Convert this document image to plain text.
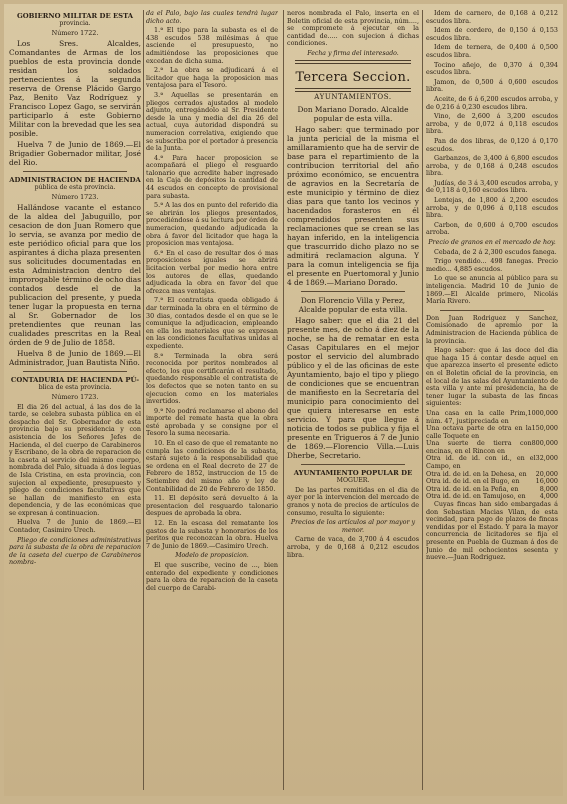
GOBIERNO MILITAR DE ESTA
provincia.
Número 1722.

Los Sres. Alcaldes, Comandantes de Armas de los pueblos de esta provincia donde residan los soldados pertenecientes á la segunda reserva de Orense Plácido Gargo Paz, Benito Vaz Rodríguez y Francisco Lopez Gago, se servirán participarlo á este Gobierno Militar con la brevedad que les sea posible.

Huelva 7 de Junio de 1869.—El Brigadier Gobernador militar, José del Rio.

ADMINISTRACION DE HACIENDA
pública de esta provincia.
Número 1723.

Hallándose vacante el estanco de la aldea del Jabuguillo, por cesacion de don Juan Romero que lo servia, se avanza por medio de este periódico oficial para que los aspirantes á dicha plaza presenten sus solicitudes documentadas en esta Administracion dentro del improrogable término de ocho dias contados desde el de la publicacion del presente, y pueda tener lugar la propuesta en terna al Sr. Gobernador de los pretendientes que reunan las cualidades prescritas en la Real órden de 9 de Julio de 1858.

Huelva 8 de Junio de 1869.—El Administrador, Juan Bautista Niño.

CONTADURIA DE HACIENDA PÚ-
blica de esta provincia.
Número 1723.

El dia 26 del actual, á las dos de la tarde, se celebra subasta pública en el despacho del Sr. Gobernador de esta provincia bajo su presidencia y con asistencia de los Señores Jefes de Hacienda, el del cuerpo de Carabineros y Escribano, de la obra de reparacion de la caseta al servicio del mismo cuerpo, nombrada del Palo, situada á dos leguas de Isla Cristina, en esta provincia, con sujecion al expediente, presupuesto y pliego de condiciones facultativas que se hallan de manifiesto en esta dependencia, y de las económicas que se expresan á continuacion.

Huelva 7 de Junio de 1869.—El Contador, Casimiro Urech.

Pliego de condiciones administrativas para la subasta de la obra de reparacion de la caseta del cuerpo de Carabineros nombra-

da el Palo, bajo las cuales tendrá lugar dicho acto.

1.ª El tipo para la subasta es el de 438 escudos 538 milésimas á que asciende el presupuesto, no admitiéndose las proposiciones que excedan de dicha suma.

2.ª La obra se adjudicará á el licitador que haga la proposicion mas ventajosa para el Tesoro.

3.ª Aquellas se presentarán en pliegos cerrados ajustados al modelo adjunto, entregándolo al Sr. Presidente desde la una y media del dia 26 del actual, cuya autoridad dispondrá su numeracion correlativa, exigiendo que se subscriba por el portador á presencia de la Junta.

4.ª Para hacer proposicion se acompañará el pliego el resguardo talonario que acredite haber ingresado en la Caja de depósitos la cantidad de 44 escudos en concepto de provisional para subasta.

5.ª A las dos en punto del referido dia se abrirán los pliegos presentados, procediéndose á su lectura por órden de numeracion, quedando adjudicada la obra á favor del licitador que haga la proposicion mas ventajosa.

6.ª En el caso de resultar dos ó mas proposiciones iguales se abrirá licitacion verbal por medio hora entre los autores de ellas, quedando adjudicada la obra en favor del que ofrezca mas ventajas.

7.ª El contratista queda obligado á dar terminada la obra en el término de 30 dias, contados desde el en que se le comunique la adjudicacion, empleando en ella los materiales que se expresan en las condiciones facultativas unidas al expediente.

8.ª Terminada la obra será reconocida por peritos nombrados al efecto, los que certificarán el resultado, quedando responsable el contratista de los defectos que se noten tanto en su ejecucion como en los materiales invertidos.

9.ª No podrá reclamarse el abono del importe del remate hasta que la obra esté aprobada y se consigne por el Tesoro la suma necesaria.

10. En el caso de que el rematante no cumpla las condiciones de la subasta, estará sujeto á la responsabilidad que se ordena en el Real decreto de 27 de Febrero de 1852, instruccion de 15 de Setiembre del mismo año y ley de Contabilidad de 20 de Febrero de 1850.

11. El depósito será devuelto á la presentacion del resguardo talonario despues de aprobada la obra.

12. En la escasa del rematante los gastos de la subasta y honorarios de los peritos que reconozcan la obra. Huelva 7 de Junio de 1869.—Casimiro Urech.

Modelo de proposicion.

El que suscribe, vecino de ..., bien enterado del expediente y condiciones para la obra de reparacion de la caseta del cuerpo de Carabi-

neros nombrada el Palo, inserta en el Boletin oficial de esta provincia, núm...., se compromete á ejecutar en la cantidad de..... con sujecion á dichas condiciones.

Fecha y firma del interesado.
Tercera Seccion.
AYUNTAMIENTOS.

Don Mariano Dorado. Alcalde popular de esta villa.

Hago saber: que terminado por la junta pericial de la misma el amillaramiento que ha de servir de base para el repartimiento de la contribucion territorial del año próximo económico, se encuentra de agravios en la Secretaría de este municipio y término de diez dias para que tanto los vecinos y hacendados forasteros en él comprendidos presenten sus reclamaciones que se crean se las hayan inferido, en la inteligencia que trascurrido dicho plazo no se admitirá reclamacion alguna. Y para la comun inteligencia se fija el presente en Puertomoral y Junio 4 de 1869.—Mariano Dorado.

Don Florencio Villa y Perez, Alcalde popular de esta villa.

Hago saber: que el dia 21 del presente mes, de ocho á diez de la noche, se ha de rematar en esta Casas Capitulares en el mejor postor el servicio del alumbrado público y el de las oficinas de este Ayuntamiento, bajo el tipo y pliego de condiciones que se encuentran de manifiesto en la Secretaría del municipio para conocimiento del que quiera interesarse en este servicio. Y para que llegue á noticia de todos se publica y fija el presente en Trigueros á 7 de Junio de 1869.—Florencio Villa.—Luis Dherbe, Secretario.

AYUNTAMIENTO POPULAR DE
MOGUER.

De las partes remitidas en el dia de ayer por la intervencion del mercado de granos y nota de precios de artículos de consumo, resulta lo siguiente:

Precios de los artículos al por mayor y menor.

Carne de vaca, de 3,700 á 4 escudos arroba, y de 0,168 á 0,212 escudos libra.

Idem de carnero, de 0,168 á 0,212 escudos libra.

Idem de cordero, de 0,150 á 0,153 escudos libra.

Idem de ternera, de 0,400 á 0,500 escudos libra.

Tocino añejo, de 0,370 á 0,394 escudos libra.

Jamon, de 0,500 á 0,600 escudos libra.

Aceite, de 6 á 6,200 escudos arroba, y de 0,216 á 0,230 escudos libra.

Vino, de 2,600 á 3,200 escudos arroba, y de 0,072 á 0,118 escudos libra.

Pan de dos libras, de 0,120 á 0,170 escudos.

Garbanzos, de 3,400 á 6,800 escudos arroba, y de 0,168 á 0,248 escudos libra.

Judías, de 3 á 3,400 escudos arroba, y de 0,118 á 0,160 escudos libra.

Lentejas, de 1,800 á 2,200 escudos arroba, y de 0,096 á 0,118 escudos libra.

Carbon, de 0,600 á 0,700 escudos arroba.

Precio de granos en el mercado de hoy.

Cebada, de 2 á 2,300 escudos fanega.

Trigo vendido... 498 fanegas. Precio medio... 4,885 escudos.

Lo que se anuncia al público para su inteligencia. Madrid 10 de Junio de 1869.—El Alcalde primero, Nicolás María Rivero.

Don Juan Rodriguez y Sanchez, Comisionado de apremio por la Administracion de Hacienda pública de la provincia.

Hago saber: que á las doce del dia que haga 15 á contar desde aquel en que aparezca inserto el presente edicto en el Boletin oficial de la provincia, en el local de las salas del Ayuntamiento de esta villa y ante mí presidencia, ha de tener lugar la subasta de las fincas siguientes:

Una casa en la calle Prim, núm. 47, justipreciada en
1000,000
Una octava parte de otra en la calle Toquete en
150,000
Una suerte de tierra con encinas, en el Rincon en
800,000
Otra id. de id. con id., en el Campo, en
32,000
Otra id. de id. en la Dehesa, en 20,000
Otra id. de id. en el Bugo, en	16,000
Otra id. de id. en la Peña, en	8,000
Otra id. de id. en Tamujoso, en 4,000

Cuyas fincas han sido embargadas á don Sebastian Macias Vilan, de esta vecindad, para pago de plazos de fincas vendidas por el Estado. Y para la mayor concurrencia de licitadores se fija el presente en Puebla de Guzman á dos de Junio de mil ochocientos sesenta y nueve.—Juan Rodriguez.
